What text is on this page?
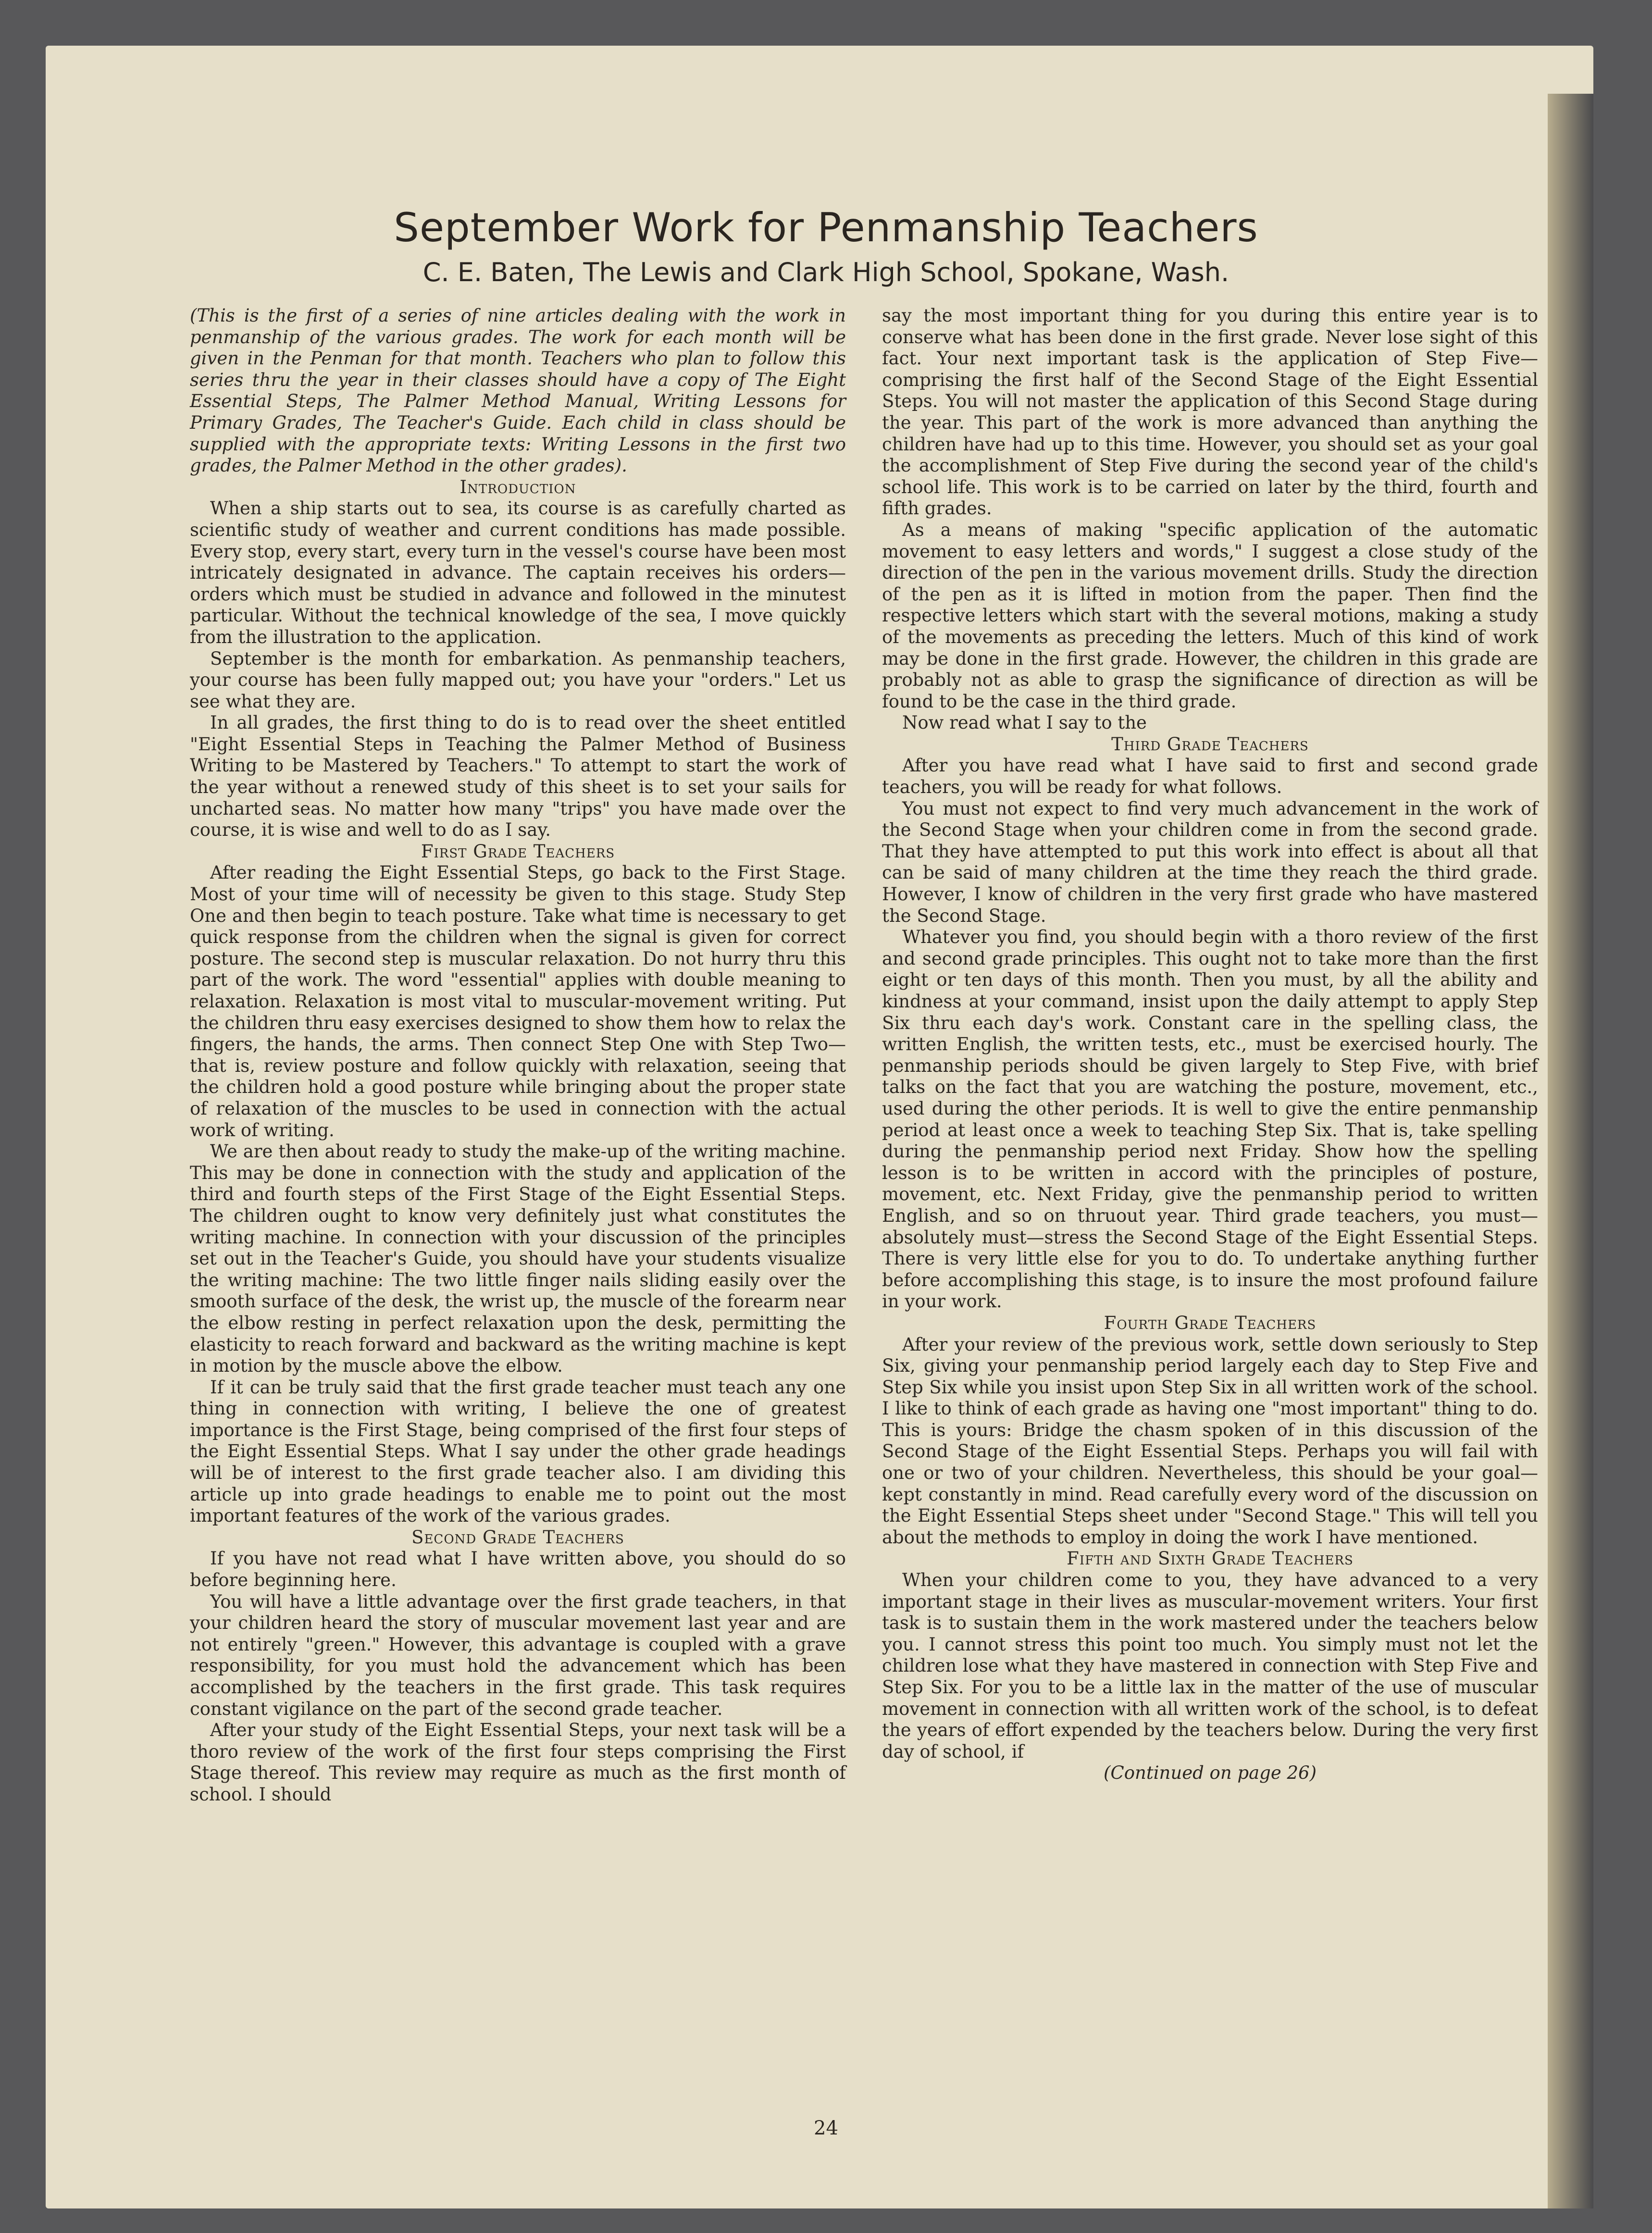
September Work for Penmanship Teachers
C. E. Baten, The Lewis and Clark High School, Spokane, Wash.

(This is the first of a series of nine articles dealing with the work in penmanship of the various grades. The work for each month will be given in the Penman for that month. Teachers who plan to follow this series thru the year in their classes should have a copy of The Eight Essential Steps, The Palmer Method Manual, Writing Lessons for Primary Grades, The Teacher's Guide. Each child in class should be supplied with the appropriate texts: Writing Lessons in the first two grades, the Palmer Method in the other grades).

Introduction

When a ship starts out to sea, its course is as carefully charted as scientific study of weather and current conditions has made possible. Every stop, every start, every turn in the vessel's course have been most intricately designated in advance. The captain receives his orders—orders which must be studied in advance and followed in the minutest particular. Without the technical knowledge of the sea, I move quickly from the illustration to the application.

September is the month for embarkation. As penmanship teachers, your course has been fully mapped out; you have your "orders." Let us see what they are.

In all grades, the first thing to do is to read over the sheet entitled "Eight Essential Steps in Teaching the Palmer Method of Business Writing to be Mastered by Teachers." To attempt to start the work of the year without a renewed study of this sheet is to set your sails for uncharted seas. No matter how many "trips" you have made over the course, it is wise and well to do as I say.

First Grade Teachers

After reading the Eight Essential Steps, go back to the First Stage. Most of your time will of necessity be given to this stage. Study Step One and then begin to teach posture. Take what time is necessary to get quick response from the children when the signal is given for correct posture. The second step is muscular relaxation. Do not hurry thru this part of the work. The word "essential" applies with double meaning to relaxation. Relaxation is most vital to muscular-movement writing. Put the children thru easy exercises designed to show them how to relax the fingers, the hands, the arms. Then connect Step One with Step Two—that is, review posture and follow quickly with relaxation, seeing that the children hold a good posture while bringing about the proper state of relaxation of the muscles to be used in connection with the actual work of writing.

We are then about ready to study the make-up of the writing machine. This may be done in connection with the study and application of the third and fourth steps of the First Stage of the Eight Essential Steps. The children ought to know very definitely just what constitutes the writing machine. In connection with your discussion of the principles set out in the Teacher's Guide, you should have your students visualize the writing machine: The two little finger nails sliding easily over the smooth surface of the desk, the wrist up, the muscle of the forearm near the elbow resting in perfect relaxation upon the desk, permitting the elasticity to reach forward and backward as the writing machine is kept in motion by the muscle above the elbow.

If it can be truly said that the first grade teacher must teach any one thing in connection with writing, I believe the one of greatest importance is the First Stage, being comprised of the first four steps of the Eight Essential Steps. What I say under the other grade headings will be of interest to the first grade teacher also. I am dividing this article up into grade headings to enable me to point out the most important features of the work of the various grades.

Second Grade Teachers

If you have not read what I have written above, you should do so before beginning here.

You will have a little advantage over the first grade teachers, in that your children heard the story of muscular movement last year and are not entirely "green." However, this advantage is coupled with a grave responsibility, for you must hold the advancement which has been accomplished by the teachers in the first grade. This task requires constant vigilance on the part of the second grade teacher.

After your study of the Eight Essential Steps, your next task will be a thoro review of the work of the first four steps comprising the First Stage thereof. This review may require as much as the first month of school. I should

say the most important thing for you during this entire year is to conserve what has been done in the first grade. Never lose sight of this fact. Your next important task is the application of Step Five—comprising the first half of the Second Stage of the Eight Essential Steps. You will not master the application of this Second Stage during the year. This part of the work is more advanced than anything the children have had up to this time. However, you should set as your goal the accomplishment of Step Five during the second year of the child's school life. This work is to be carried on later by the third, fourth and fifth grades.

As a means of making "specific application of the automatic movement to easy letters and words," I suggest a close study of the direction of the pen in the various movement drills. Study the direction of the pen as it is lifted in motion from the paper. Then find the respective letters which start with the several motions, making a study of the movements as preceding the letters. Much of this kind of work may be done in the first grade. However, the children in this grade are probably not as able to grasp the significance of direction as will be found to be the case in the third grade.

Now read what I say to the

Third Grade Teachers

After you have read what I have said to first and second grade teachers, you will be ready for what follows.

You must not expect to find very much advancement in the work of the Second Stage when your children come in from the second grade. That they have attempted to put this work into effect is about all that can be said of many children at the time they reach the third grade. However, I know of children in the very first grade who have mastered the Second Stage.

Whatever you find, you should begin with a thoro review of the first and second grade principles. This ought not to take more than the first eight or ten days of this month. Then you must, by all the ability and kindness at your command, insist upon the daily attempt to apply Step Six thru each day's work. Constant care in the spelling class, the written English, the written tests, etc., must be exercised hourly. The penmanship periods should be given largely to Step Five, with brief talks on the fact that you are watching the posture, movement, etc., used during the other periods. It is well to give the entire penmanship period at least once a week to teaching Step Six. That is, take spelling during the penmanship period next Friday. Show how the spelling lesson is to be written in accord with the principles of posture, movement, etc. Next Friday, give the penmanship period to written English, and so on thruout year. Third grade teachers, you must—absolutely must—stress the Second Stage of the Eight Essential Steps. There is very little else for you to do. To undertake anything further before accomplishing this stage, is to insure the most profound failure in your work.

Fourth Grade Teachers

After your review of the previous work, settle down seriously to Step Six, giving your penmanship period largely each day to Step Five and Step Six while you insist upon Step Six in all written work of the school. I like to think of each grade as having one "most important" thing to do. This is yours: Bridge the chasm spoken of in this discussion of the Second Stage of the Eight Essential Steps. Perhaps you will fail with one or two of your children. Nevertheless, this should be your goal—kept constantly in mind. Read carefully every word of the discussion on the Eight Essential Steps sheet under "Second Stage." This will tell you about the methods to employ in doing the work I have mentioned.

Fifth and Sixth Grade Teachers

When your children come to you, they have advanced to a very important stage in their lives as muscular-movement writers. Your first task is to sustain them in the work mastered under the teachers below you. I cannot stress this point too much. You simply must not let the children lose what they have mastered in connection with Step Five and Step Six. For you to be a little lax in the matter of the use of muscular movement in connection with all written work of the school, is to defeat the years of effort expended by the teachers below. During the very first day of school, if

(Continued on page 26)

24
